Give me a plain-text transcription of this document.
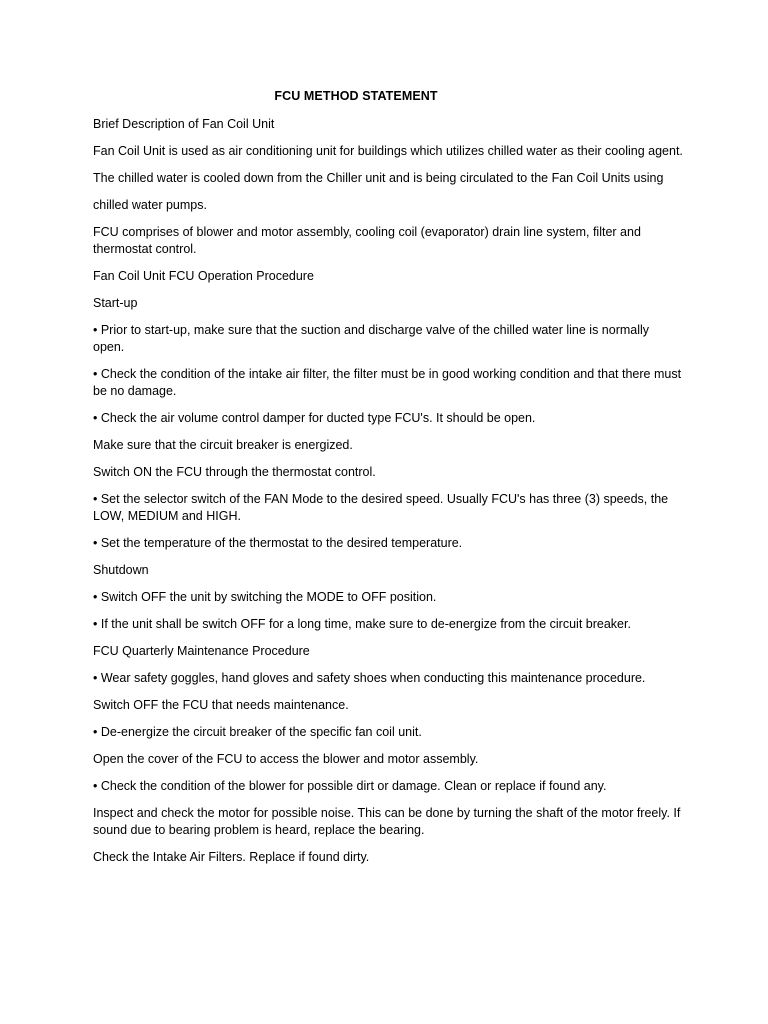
FCU METHOD STATEMENT

Brief Description of Fan Coil Unit

Fan Coil Unit is used as air conditioning unit for buildings which utilizes chilled water as their cooling agent.

The chilled water is cooled down from the Chiller unit and is being circulated to the Fan Coil Units using

chilled water pumps.

FCU comprises of blower and motor assembly, cooling coil (evaporator) drain line system, filter and thermostat control.

Fan Coil Unit FCU Operation Procedure

Start-up

• Prior to start-up, make sure that the suction and discharge valve of the chilled water line is normally open.

• Check the condition of the intake air filter, the filter must be in good working condition and that there must be no damage.

• Check the air volume control damper for ducted type FCU's. It should be open.

Make sure that the circuit breaker is energized.

Switch ON the FCU through the thermostat control.

• Set the selector switch of the FAN Mode to the desired speed. Usually FCU's has three (3) speeds, the LOW, MEDIUM and HIGH.

• Set the temperature of the thermostat to the desired temperature.

Shutdown

• Switch OFF the unit by switching the MODE to OFF position.

• If the unit shall be switch OFF for a long time, make sure to de-energize from the circuit breaker.

FCU Quarterly Maintenance Procedure

• Wear safety goggles, hand gloves and safety shoes when conducting this maintenance procedure.

Switch OFF the FCU that needs maintenance.

• De-energize the circuit breaker of the specific fan coil unit.

Open the cover of the FCU to access the blower and motor assembly.

• Check the condition of the blower for possible dirt or damage. Clean or replace if found any.

Inspect and check the motor for possible noise. This can be done by turning the shaft of the motor freely. If sound due to bearing problem is heard, replace the bearing.

Check the Intake Air Filters. Replace if found dirty.
